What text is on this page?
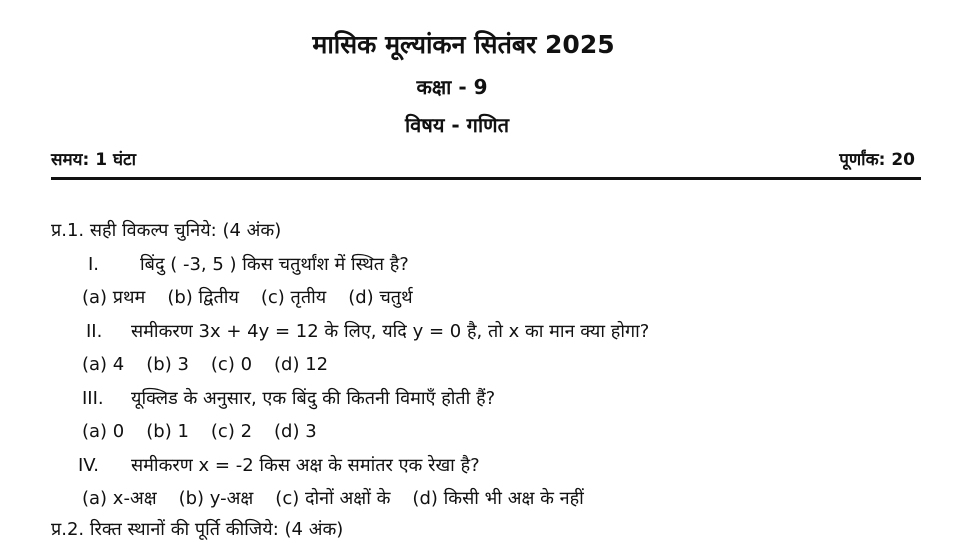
मासिक मूल्यांकन सितंबर 2025
कक्षा - 9
विषय - गणित
समय: 1 घंटा	पूर्णांक: 20
प्र.1. सही विकल्प चुनिये: (4 अंक)
I. बिंदु ( -3, 5 ) किस चतुर्थांश में स्थित है?
(a) प्रथम (b) द्वितीय (c) तृतीय (d) चतुर्थ
II. समीकरण 3x + 4y = 12 के लिए, यदि y = 0 है, तो x का मान क्या होगा?
(a) 4 (b) 3 (c) 0 (d) 12
III. यूक्लिड के अनुसार, एक बिंदु की कितनी विमाएँ होती हैं?
(a) 0 (b) 1 (c) 2 (d) 3
IV. समीकरण x = -2 किस अक्ष के समांतर एक रेखा है?
(a) x-अक्ष (b) y-अक्ष (c) दोनों अक्षों के (d) किसी भी अक्ष के नहीं
प्र.2. रिक्त स्थानों की पूर्ति कीजिये: (4 अंक)
